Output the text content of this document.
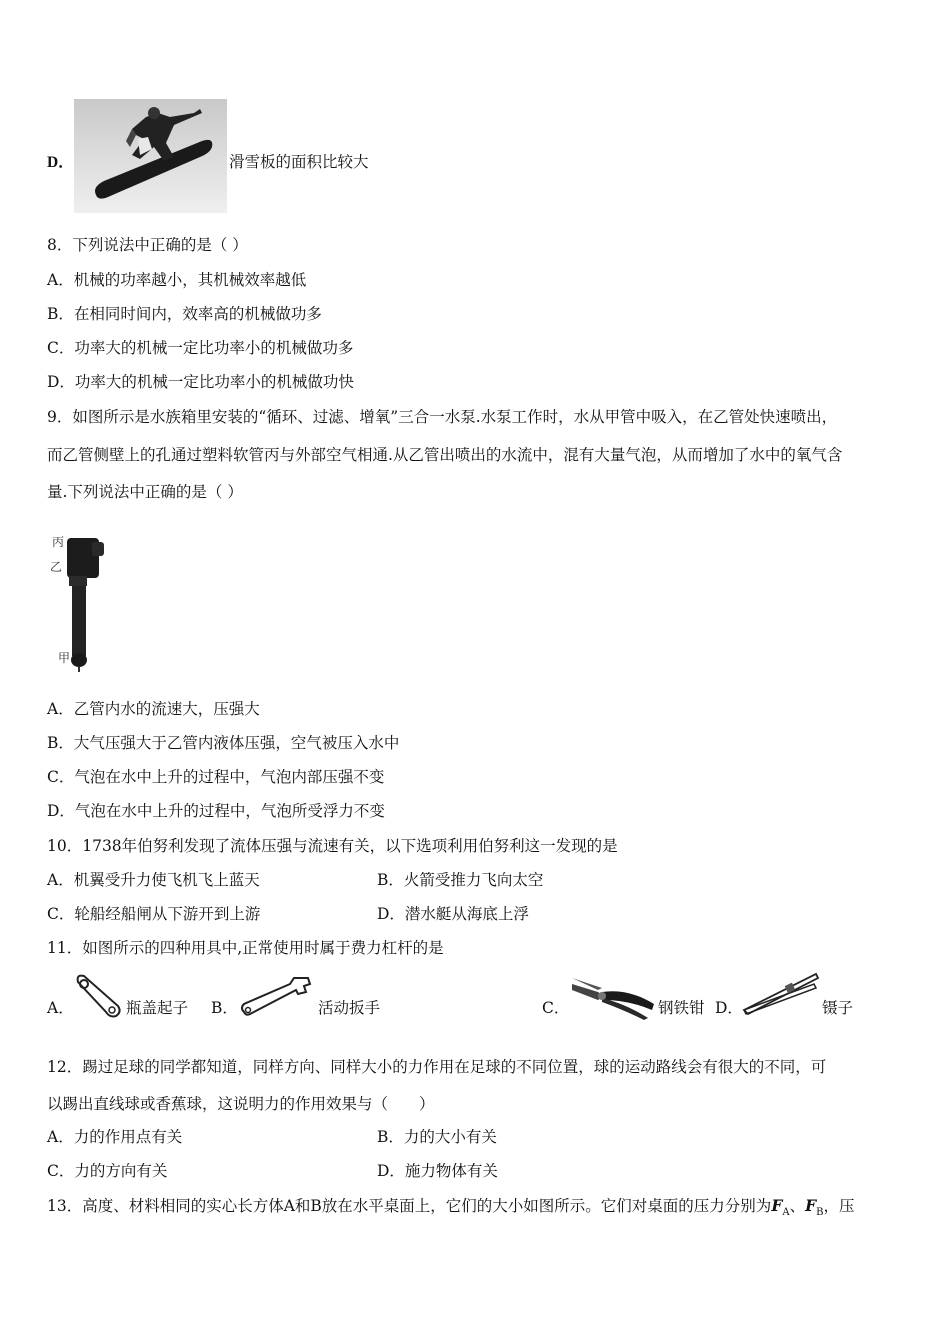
D．	滑雪板的面积比较大
8．下列说法中正确的是（ ）
A．机械的功率越小，其机械效率越低
B．在相同时间内，效率高的机械做功多
C．功率大的机械一定比功率小的机械做功多
D．功率大的机械一定比功率小的机械做功快
9．如图所示是水族箱里安装的“循环、过滤、增氧”三合一水泵.水泵工作时，水从甲管中吸入，在乙管处快速喷出，
而乙管侧壁上的孔通过塑料软管丙与外部空气相通.从乙管出喷出的水流中，混有大量气泡，从而增加了水中的氧气含
量.下列说法中正确的是（ ）
丙
乙
甲
A．乙管内水的流速大，压强大
B．大气压强大于乙管内液体压强，空气被压入水中
C．气泡在水中上升的过程中，气泡内部压强不变
D．气泡在水中上升的过程中，气泡所受浮力不变
10．1738年伯努利发现了流体压强与流速有关，以下选项利用伯努利这一发现的是
A．机翼受升力使飞机飞上蓝天	B．火箭受推力飞向太空
C．轮船经船闸从下游开到上游	D．潜水艇从海底上浮
11．如图所示的四种用具中,正常使用时属于费力杠杆的是
A．	瓶盖起子 B．	活动扳手	C．	钢铁钳 D．	镊子
12．踢过足球的同学都知道，同样方向、同样大小的力作用在足球的不同位置，球的运动路线会有很大的不同，可
以踢出直线球或香蕉球，这说明力的作用效果与（　　）
A．力的作用点有关	B．力的大小有关
C．力的方向有关	D．施力物体有关
13．高度、材料相同的实心长方体A和B放在水平桌面上，它们的大小如图所示。它们对桌面的压力分别为$F_A$、$F_B$，压
